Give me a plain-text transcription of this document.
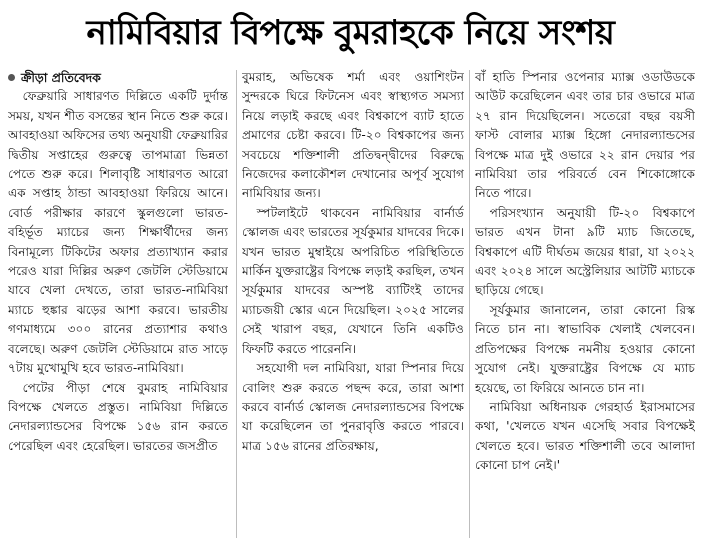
নামিবিয়ার বিপক্ষে বুমরাহকে নিয়ে সংশয়
ক্রীড়া প্রতিবেদক

ফেব্রুয়ারি সাধারণত দিল্লিতে একটি দুর্দান্ত সময়, যখন শীত বসন্তের স্থান নিতে শুরু করে। আবহাওয়া অফিসের তথ্য অনুযায়ী ফেব্রুয়ারির দ্বিতীয় সপ্তাহের গুরুত্বে তাপমাত্রা ভিন্নতা পেতে শুরু করে। শিলাবৃষ্টি সাধারণত আরো এক সপ্তাহ ঠান্ডা আবহাওয়া ফিরিয়ে আনে। বোর্ড পরীক্ষার কারণে স্কুলগুলো ভারত-বহির্ভূত ম্যাচের জন্য শিক্ষার্থীদের জন্য বিনামূল্যে টিকিটের অফার প্রত্যাখ্যান করার পরেও যারা দিল্লির অরুণ জেটলি স্টেডিয়ামে যাবে খেলা দেখতে, তারা ভারত-নামিবিয়া ম্যাচে হুঙ্কার ঝড়ের আশা করবে। ভারতীয় গণমাধ্যমে ৩০০ রানের প্রত্যাশার কথাও বলেছে। অরুণ জেটলি স্টেডিয়ামে রাত সাড়ে ৭টায় মুখোমুখি হবে ভারত-নামিবিয়া।

পেটের পীড়া শেষে বুমরাহ নামিবিয়ার বিপক্ষে খেলতে প্রস্তুত। নামিবিয়া দিল্লিতে নেদারল্যান্ডসের বিপক্ষে ১৫৬ রান করতে পেরেছিল এবং হেরেছিল। ভারতের জসপ্রীত

বুমরাহ, অভিষেক শর্মা এবং ওয়াশিংটন সুন্দরকে ঘিরে ফিটনেস এবং স্বাস্থ্যগত সমস্যা নিয়ে লড়াই করছে এবং বিশ্বকাপে ব্যাট হাতে প্রমাণের চেষ্টা করবে। টি-২০ বিশ্বকাপের জন্য সবচেয়ে শক্তিশালী প্রতিদ্বন্দ্বীদের বিরুদ্ধে নিজেদের কলাকৌশল দেখানোর অপূর্ব সুযোগ নামিবিয়ার জন্য।

স্পটলাইটে থাকবেন নামিবিয়ার বার্নার্ড স্কোলজ এবং ভারতের সূর্যকুমার যাদবের দিকে। যখন ভারত মুম্বাইয়ে অপরিচিত পরিস্থিতিতে মার্কিন যুক্তরাষ্ট্রের বিপক্ষে লড়াই করছিল, তখন সূর্যকুমার যাদবের অস্পষ্ট ব্যাটিংই তাদের ম্যাচজয়ী স্কোর এনে দিয়েছিল। ২০২৫ সালের সেই খারাপ বছর, যেখানে তিনি একটিও ফিফটি করতে পারেননি।

সহযোগী দল নামিবিয়া, যারা স্পিনার দিয়ে বোলিং শুরু করতে পছন্দ করে, তারা আশা করবে বার্নার্ড স্কোলজ নেদারল্যান্ডসের বিপক্ষে যা করেছিলেন তা পুনরাবৃত্তি করতে পারবে। মাত্র ১৫৬ রানের প্রতিরক্ষায়,

বাঁ হাতি স্পিনার ওপেনার ম্যাক্স ওডাউডকে আউট করেছিলেন এবং তার চার ওভারে মাত্র ২৭ রান দিয়েছিলেন। সতেরো বছর বয়সী ফাস্ট বোলার ম্যাক্স হিঙ্গো নেদারল্যান্ডসের বিপক্ষে মাত্র দুই ওভারে ২২ রান দেয়ার পর নামিবিয়া তার পরিবর্তে বেন শিকোঙ্গোকে নিতে পারে।

পরিসংখ্যান অনুযায়ী টি-২০ বিশ্বকাপে ভারত এখন টানা ৯টি ম্যাচ জিতেছে, বিশ্বকাপে এটি দীর্ঘতম জয়ের ধারা, যা ২০২২ এবং ২০২৪ সালে অস্ট্রেলিয়ার আটটি ম্যাচকে ছাড়িয়ে গেছে।

সূর্যকুমার জানালেন, তারা কোনো রিস্ক নিতে চান না। স্বাভাবিক খেলাই খেলবেন। প্রতিপক্ষের বিপক্ষে নমনীয় হওয়ার কোনো সুযোগ নেই। যুক্তরাষ্ট্রের বিপক্ষে যে ম্যাচ হয়েছে, তা ফিরিয়ে আনতে চান না।

নামিবিয়া অধিনায়ক গেরহার্ড ইরাসমাসের কথা, 'খেলতে যখন এসেছি সবার বিপক্ষেই খেলতে হবে। ভারত শক্তিশালী তবে আলাদা কোনো চাপ নেই।'
